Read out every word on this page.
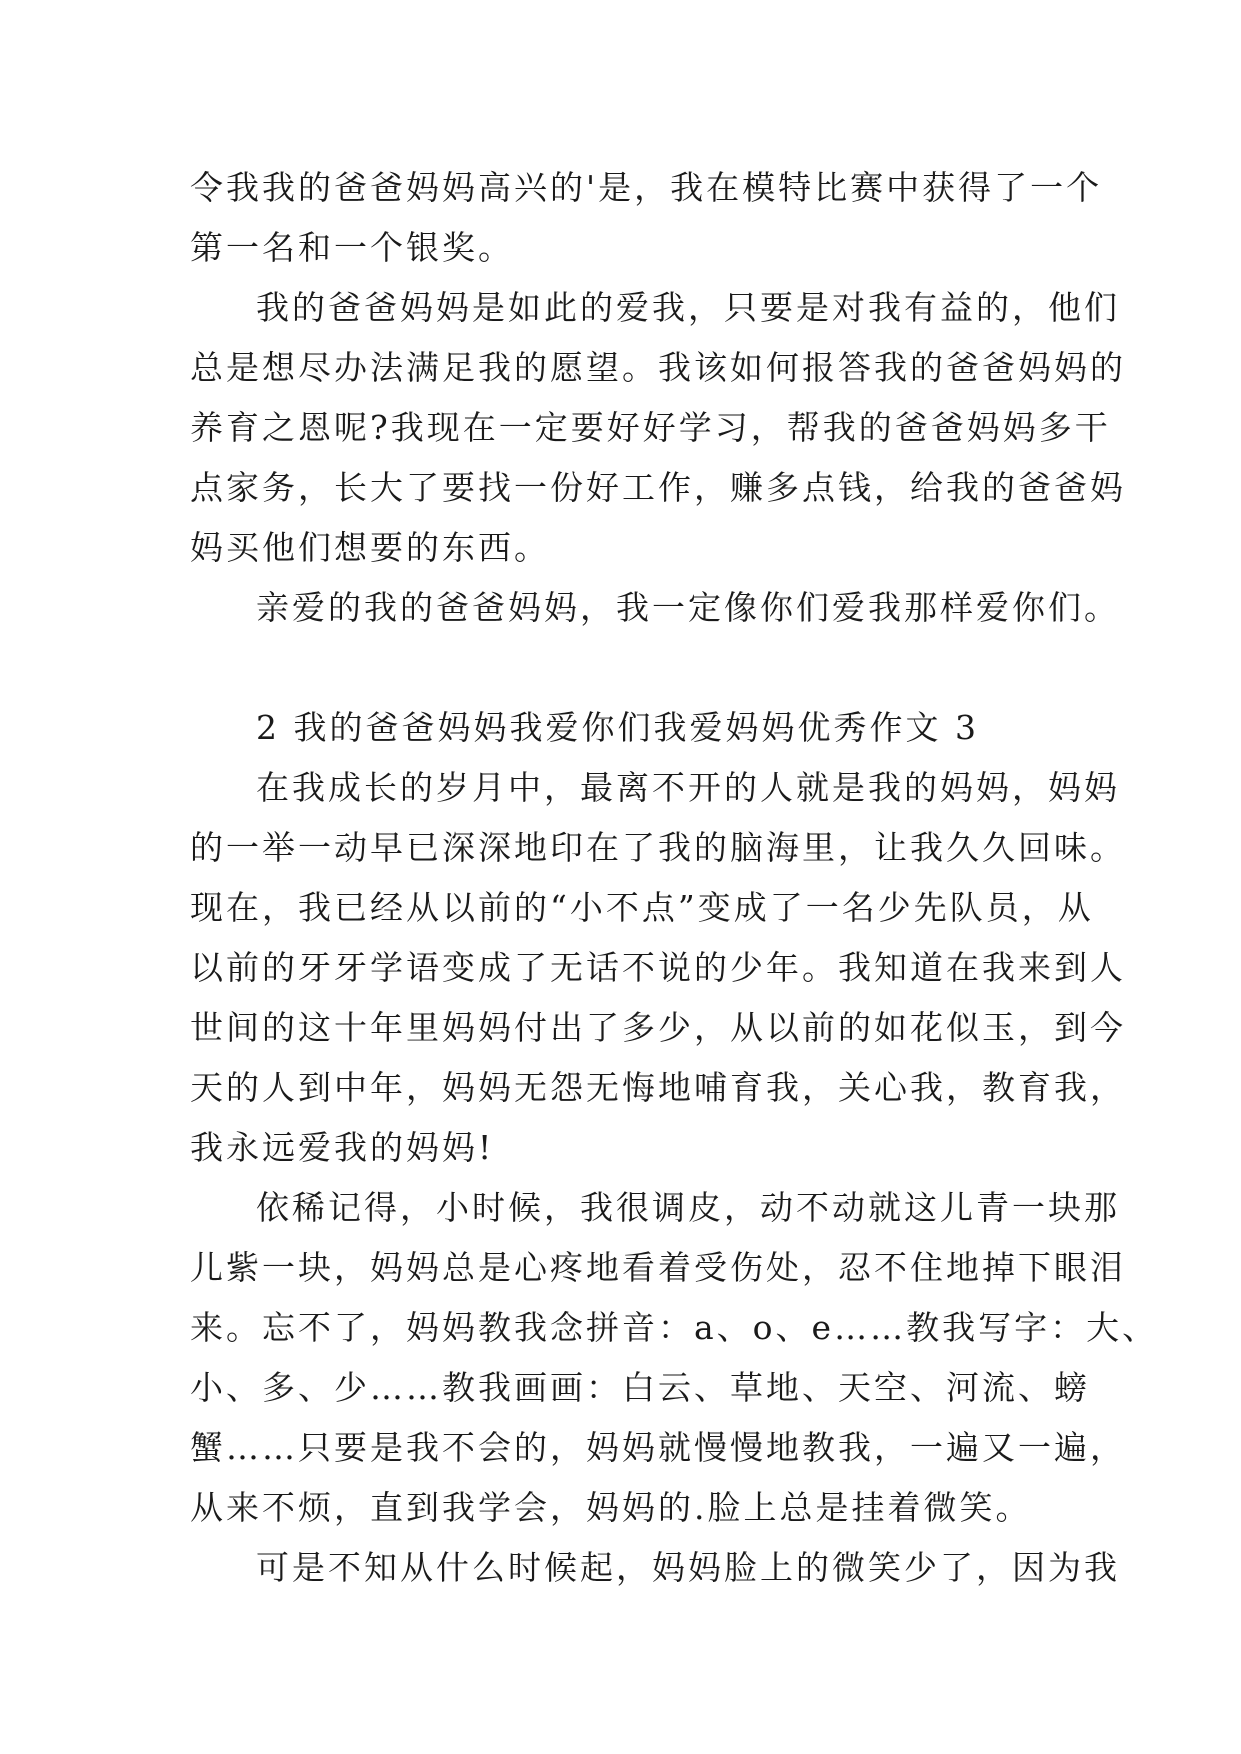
令我我的爸爸妈妈高兴的'是，我在模特比赛中获得了一个
第一名和一个银奖。

我的爸爸妈妈是如此的爱我，只要是对我有益的，他们
总是想尽办法满足我的愿望。我该如何报答我的爸爸妈妈的
养育之恩呢?我现在一定要好好学习，帮我的爸爸妈妈多干
点家务，长大了要找一份好工作，赚多点钱，给我的爸爸妈
妈买他们想要的东西。

亲爱的我的爸爸妈妈，我一定像你们爱我那样爱你们。

2 我的爸爸妈妈我爱你们我爱妈妈优秀作文 3

在我成长的岁月中，最离不开的人就是我的妈妈，妈妈
的一举一动早已深深地印在了我的脑海里，让我久久回味。
现在，我已经从以前的“小不点”变成了一名少先队员，从
以前的牙牙学语变成了无话不说的少年。我知道在我来到人
世间的这十年里妈妈付出了多少，从以前的如花似玉，到今
天的人到中年，妈妈无怨无悔地哺育我，关心我，教育我，
我永远爱我的妈妈!

依稀记得，小时候，我很调皮，动不动就这儿青一块那
儿紫一块，妈妈总是心疼地看着受伤处，忍不住地掉下眼泪
来。忘不了，妈妈教我念拼音：a、o、e……教我写字：大、
小、多、少……教我画画：白云、草地、天空、河流、螃
蟹……只要是我不会的，妈妈就慢慢地教我，一遍又一遍，
从来不烦，直到我学会，妈妈的.脸上总是挂着微笑。

可是不知从什么时候起，妈妈脸上的微笑少了，因为我
